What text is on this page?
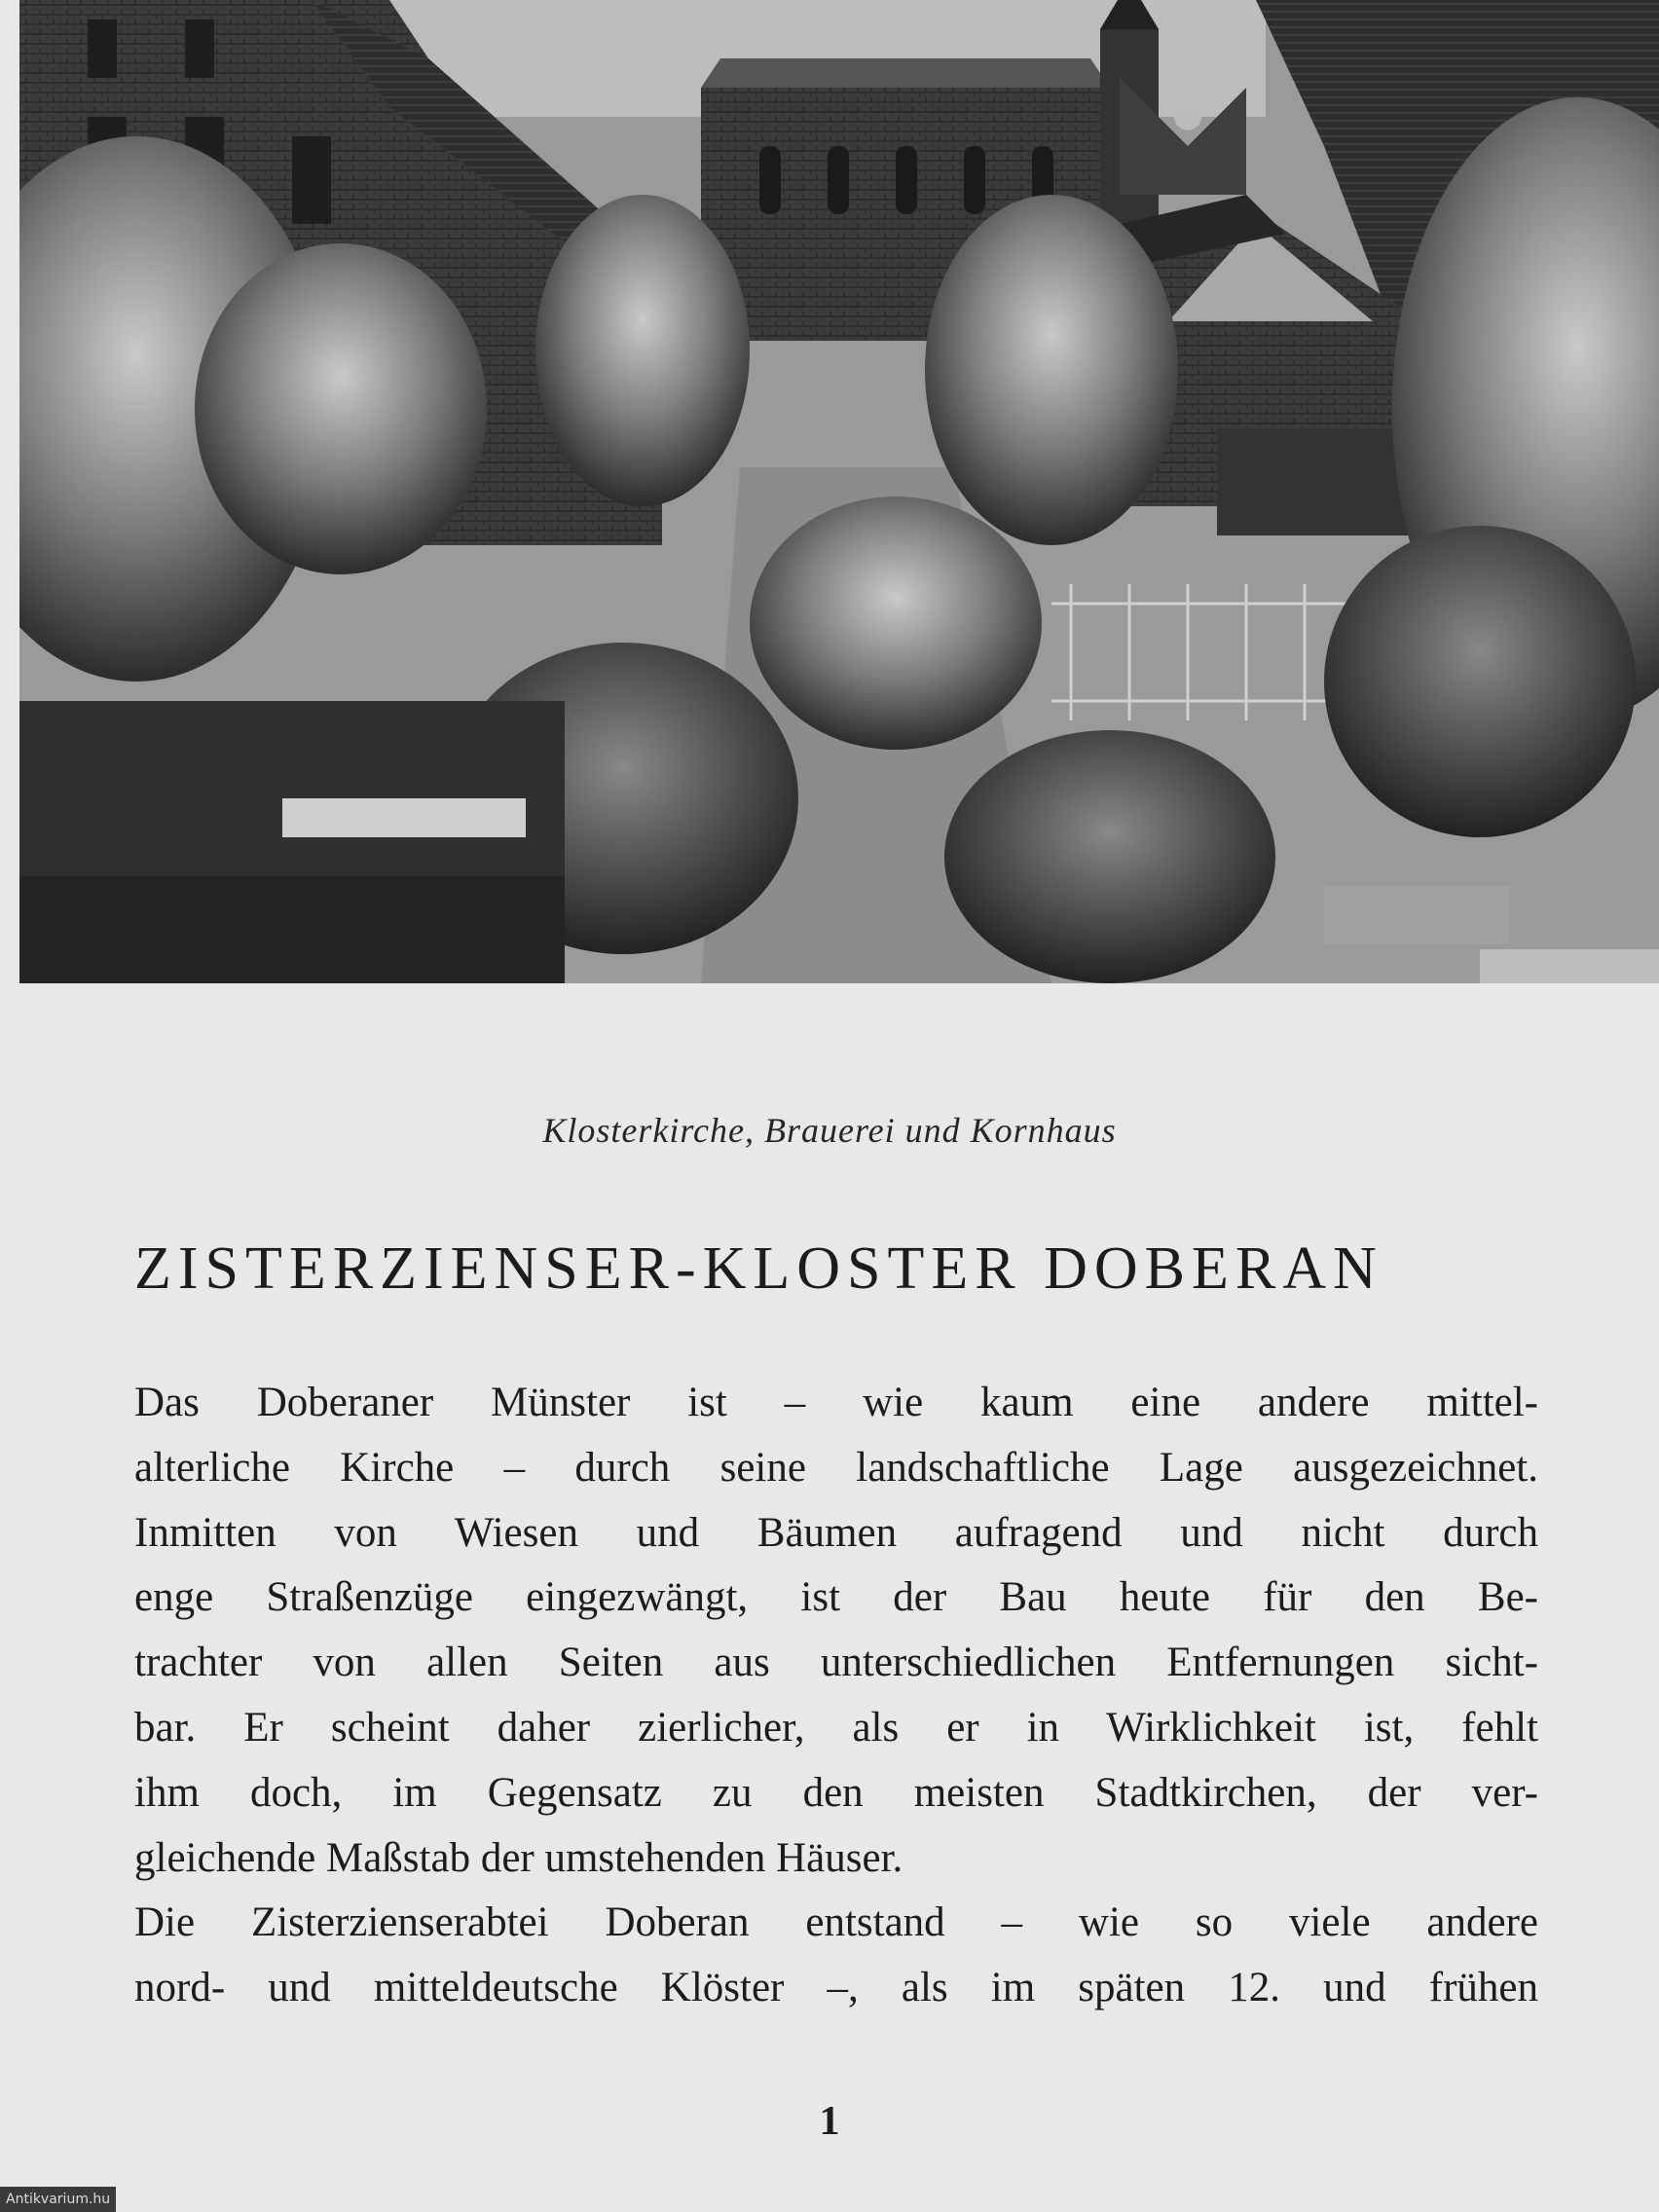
Klosterkirche, Brauerei und Kornhaus
ZISTERZIENSER-KLOSTER DOBERAN
Das Doberaner Münster ist – wie kaum eine andere mittel-
alterliche Kirche – durch seine landschaftliche Lage ausgezeichnet.
Inmitten von Wiesen und Bäumen aufragend und nicht durch
enge Straßenzüge eingezwängt, ist der Bau heute für den Be-
trachter von allen Seiten aus unterschiedlichen Entfernungen sicht-
bar. Er scheint daher zierlicher, als er in Wirklichkeit ist, fehlt
ihm doch, im Gegensatz zu den meisten Stadtkirchen, der ver-
gleichende Maßstab der umstehenden Häuser.
Die Zisterzienserabtei Doberan entstand – wie so viele andere
nord- und mitteldeutsche Klöster –, als im späten 12. und frühen
1
Antikvarium.hu
